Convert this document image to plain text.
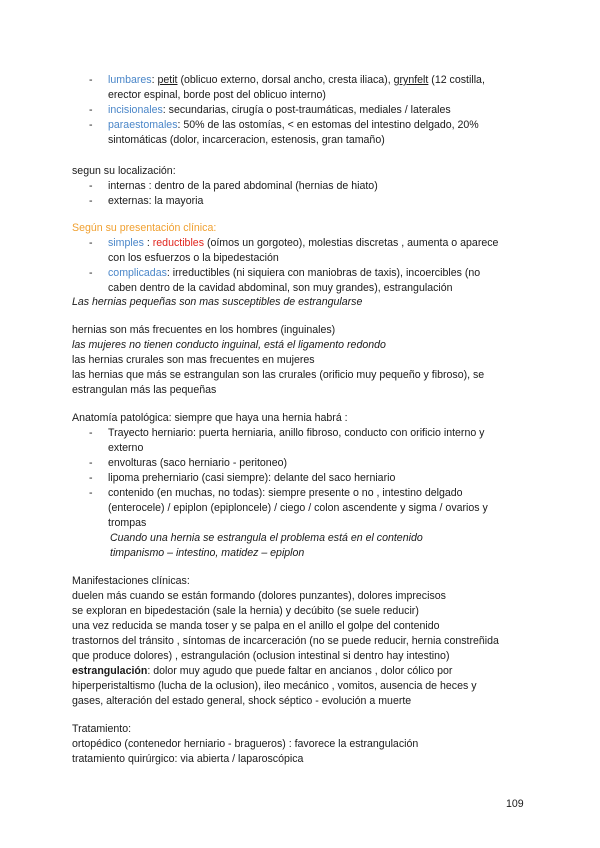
- lumbares: petit (oblicuo externo, dorsal ancho, cresta iliaca), grynfelt (12 costilla,
erector espinal, borde post del oblicuo interno)
- incisionales: secundarias, cirugía o post-traumáticas, mediales / laterales
- paraestomales: 50% de las ostomías, < en estomas del intestino delgado, 20%
sintomáticas (dolor, incarceracion, estenosis, gran tamaño)
segun su localización:
- internas : dentro de la pared abdominal (hernias de hiato)
- externas: la mayoria
Según su presentación clínica:
- simples : reductibles (oímos un gorgoteo), molestias discretas , aumenta o aparece
con los esfuerzos o la bipedestación
- complicadas: irreductibles (ni siquiera con maniobras de taxis), incoercibles (no
caben dentro de la cavidad abdominal, son muy grandes), estrangulación
Las hernias pequeñas son mas susceptibles de estrangularse
hernias son más frecuentes en los hombres (inguinales)
las mujeres no tienen conducto inguinal, está el ligamento redondo
las hernias crurales son mas frecuentes en mujeres
las hernias que más se estrangulan son las crurales (orificio muy pequeño y fibroso), se
estrangulan más las pequeñas
Anatomía patológica: siempre que haya una hernia habrá :
- Trayecto herniario: puerta herniaria, anillo fibroso, conducto con orificio interno y
externo
- envolturas (saco herniario - peritoneo)
- lipoma preherniario (casi siempre): delante del saco herniario
- contenido (en muchas, no todas): siempre presente o no , intestino delgado
(enterocele) / epiplon (epiploncele) / ciego / colon ascendente y sigma / ovarios y
trompas
Cuando una hernia se estrangula el problema está en el contenido
timpanismo – intestino, matidez – epiplon
Manifestaciones clínicas:
duelen más cuando se están formando (dolores punzantes), dolores imprecisos
se exploran en bipedestación (sale la hernia) y decúbito (se suele reducir)
una vez reducida se manda toser y se palpa en el anillo el golpe del contenido
trastornos del tránsito , síntomas de incarceración (no se puede reducir, hernia constreñida
que produce dolores) , estrangulación (oclusion intestinal si dentro hay intestino)
estrangulación: dolor muy agudo que puede faltar en ancianos , dolor cólico por
hiperperistaltismo (lucha de la oclusion), ileo mecánico , vomitos, ausencia de heces y
gases, alteración del estado general, shock séptico - evolución a muerte
Tratamiento:
ortopédico (contenedor herniario - bragueros) : favorece la estrangulación
tratamiento quirúrgico: via abierta / laparoscópica
109
